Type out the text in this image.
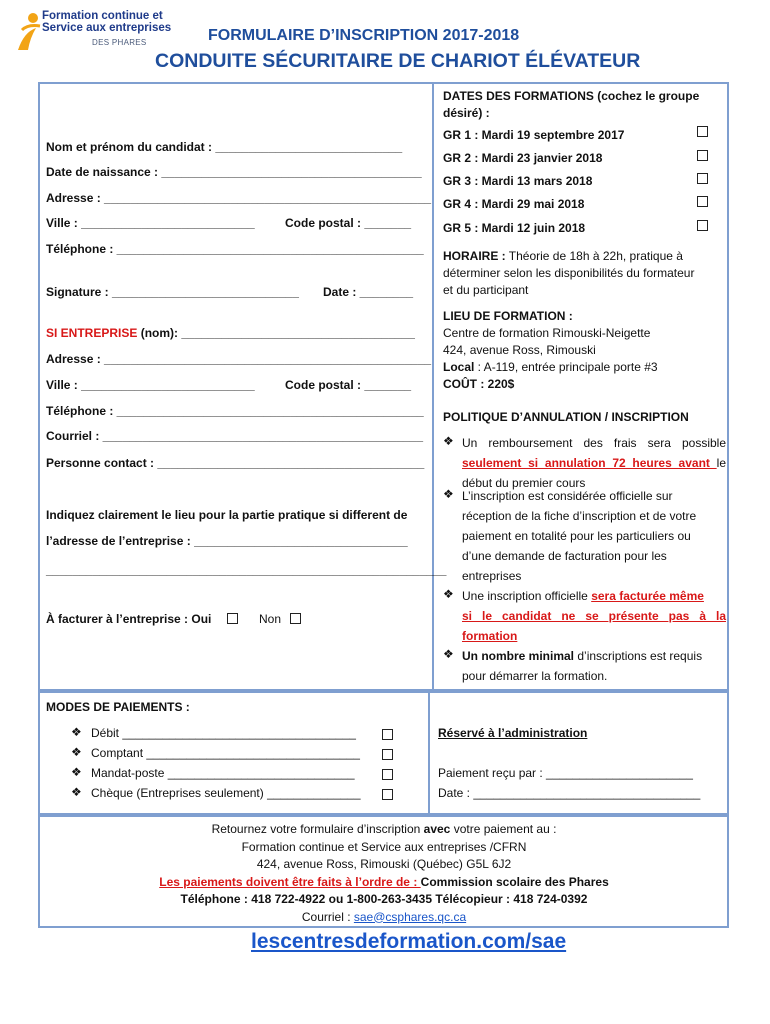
Formation continue et
Service aux entreprises
DES PHARES	FORMULAIRE D’INSCRIPTION 2017-2018
CONDUITE SÉCURITAIRE DE CHARIOT ÉLÉVATEUR
Nom et prénom du candidat : ____________________________
Date de naissance : _______________________________________
Adresse : _________________________________________________
Ville : __________________________	Code postal : _______
Téléphone : ______________________________________________
Signature : ____________________________ Date : ________
SI ENTREPRISE (nom): ___________________________________
Adresse : _________________________________________________
Ville : __________________________	Code postal : _______
Téléphone : ______________________________________________
Courriel : ________________________________________________
Personne contact : ________________________________________
Indiquez clairement le lieu pour la partie pratique si different de
l’adresse de l’entreprise : ________________________________
____________________________________________________________
À facturer à l’entreprise : Oui	Non
DATES DES FORMATIONS (cochez le groupe
désiré) :
GR 1 : Mardi 19 septembre 2017
GR 2 : Mardi 23 janvier 2018
GR 3 : Mardi 13 mars 2018
GR 4 : Mardi 29 mai 2018
GR 5 : Mardi 12 juin 2018
HORAIRE : Théorie de 18h à 22h, pratique à
déterminer selon les disponibilités du formateur
et du participant
LIEU DE FORMATION :
Centre de formation Rimouski-Neigette
424, avenue Ross, Rimouski
Local : A-119, entrée principale porte #3
COÛT : 220$
POLITIQUE D’ANNULATION / INSCRIPTION
❖ Un remboursement des frais sera possible
seulement si annulation 72 heures avant le
début du premier cours
❖ L’inscription est considérée officielle sur
réception de la fiche d’inscription et de votre
paiement en totalité pour les particuliers ou
d’une demande de facturation pour les
entreprises
❖ Une inscription officielle sera facturée même
si le candidat ne se présente pas à la
formation
❖ Un nombre minimal d’inscriptions est requis
pour démarrer la formation.
MODES DE PAIEMENTS :
❖ Débit ___________________________________
❖ Comptant ________________________________
❖ Mandat-poste ____________________________
❖ Chèque (Entreprises seulement) ______________
Réservé à l’administration
Paiement reçu par : ______________________
Date : __________________________________
Retournez votre formulaire d’inscription avec votre paiement au :
Formation continue et Service aux entreprises /CFRN
424, avenue Ross, Rimouski (Québec) G5L 6J2
Les paiements doivent être faits à l’ordre de : Commission scolaire des Phares
Téléphone : 418 722-4922 ou 1-800-263-3435 Télécopieur : 418 724-0392
Courriel : sae@csphares.qc.ca
lescentresdeformation.com/sae
